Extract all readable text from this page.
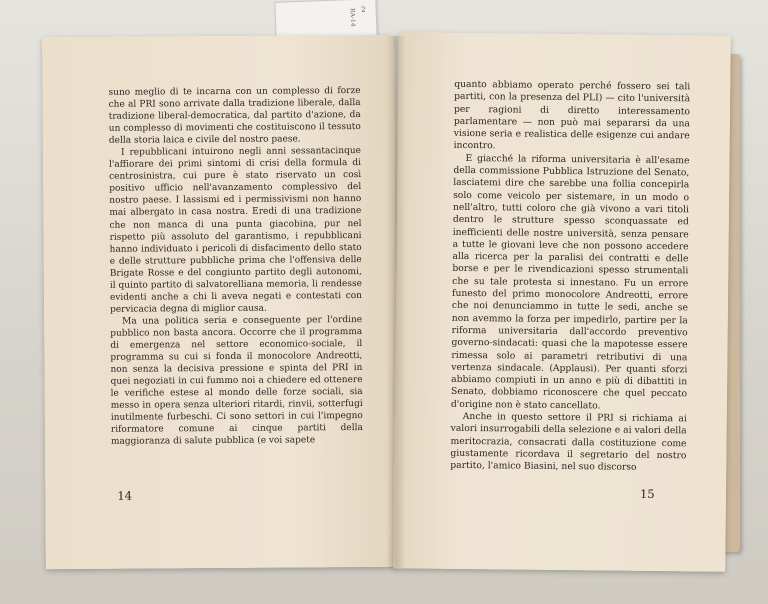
2
RA-14

suno meglio di te incarna con un complesso di forze che al PRI sono arrivate dalla tradizione liberale, dalla tradizione liberal-democratica, dal partito d'azione, da un complesso di movimenti che costituiscono il tessuto della storia laica e civile del nostro paese.

I repubblicani intuirono negli anni sessantacinque l'affiorare dei primi sintomi di crisi della formula di centrosinistra, cui pure è stato riservato un così positivo ufficio nell'avanzamento complessivo del nostro paese. I lassismi ed i permissivismi non hanno mai albergato in casa nostra. Eredi di una tradizione che non manca di una punta giacobina, pur nel rispetto più assoluto del garantismo, i repubblicani hanno individuato i pericoli di disfacimento dello stato e delle strutture pubbliche prima che l'offensiva delle Brigate Rosse e del congiunto partito degli autonomi, il quinto partito di salvatorelliana memoria, li rendesse evidenti anche a chi li aveva negati e contestati con pervicacia degna di miglior causa.

Ma una politica seria e conseguente per l'ordine pubblico non basta ancora. Occorre che il programma di emergenza nel settore economico-sociale, il programma su cui si fonda il monocolore Andreotti, non senza la decisiva pressione e spinta del PRI in quei negoziati in cui fummo noi a chiedere ed ottenere le verifiche estese al mondo delle forze sociali, sia messo in opera senza ulteriori ritardi, rinvii, sotterfugi inutilmente furbeschi. Ci sono settori in cui l'impegno riformatore comune ai cinque partiti della maggioranza di salute pubblica (e voi sapete

14

quanto abbiamo operato perché fossero sei tali partiti, con la presenza del PLI) — cito l'università per ragioni di diretto interessamento parlamentare — non può mai separarsi da una visione seria e realistica delle esigenze cui andare incontro.

E giacché la riforma universitaria è all'esame della commissione Pubblica Istruzione del Senato, lasciatemi dire che sarebbe una follia concepirla solo come veicolo per sistemare, in un modo o nell'altro, tutti coloro che già vivono a vari titoli dentro le strutture spesso sconquassate ed inefficienti delle nostre università, senza pensare a tutte le giovani leve che non possono accedere alla ricerca per la paralisi dei contratti e delle borse e per le rivendicazioni spesso strumentali che su tale protesta si innestano. Fu un errore funesto del primo monocolore Andreotti, errore che noi denunciammo in tutte le sedi, anche se non avemmo la forza per impedirlo, partire per la riforma universitaria dall'accordo preventivo governo-sindacati: quasi che la mapotesse essere rimessa solo ai parametri retributivi di una vertenza sindacale. (Applausi). Per quanti sforzi abbiamo compiuti in un anno e più di dibattiti in Senato, dobbiamo riconoscere che quel peccato d'origine non è stato cancellato.

Anche in questo settore il PRI si richiama ai valori insurrogabili della selezione e ai valori della meritocrazia, consacrati dalla costituzione come giustamente ricordava il segretario del nostro partito, l'amico Biasini, nel suo discorso

15
